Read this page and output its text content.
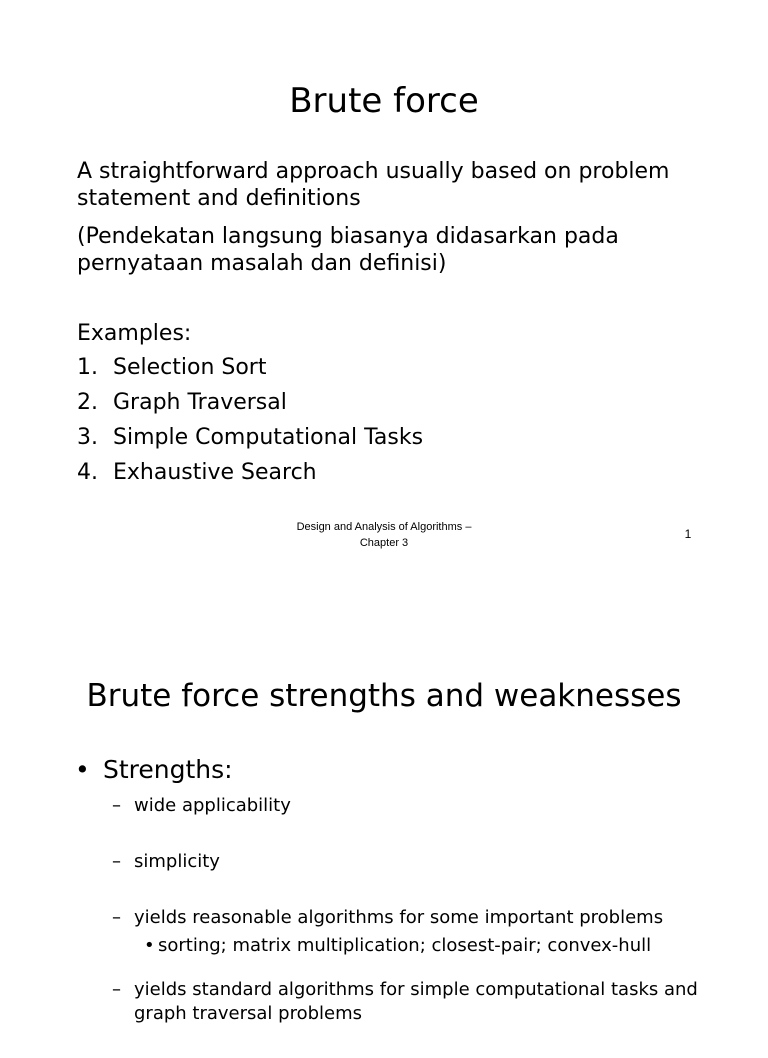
Brute force

A straightforward approach usually based on problem statement and definitions

(Pendekatan langsung biasanya didasarkan pada pernyataan masalah dan definisi)

Examples:

1. Selection Sort
2. Graph Traversal
3. Simple Computational Tasks
4. Exhaustive Search
Design and Analysis of Algorithms –
Chapter 3
1
Brute force strengths and weaknesses
• Strengths:
– wide applicability
– simplicity
– yields reasonable algorithms for some important problems
• sorting; matrix multiplication; closest-pair; convex-hull
– yields standard algorithms for simple computational tasks and graph traversal problems
